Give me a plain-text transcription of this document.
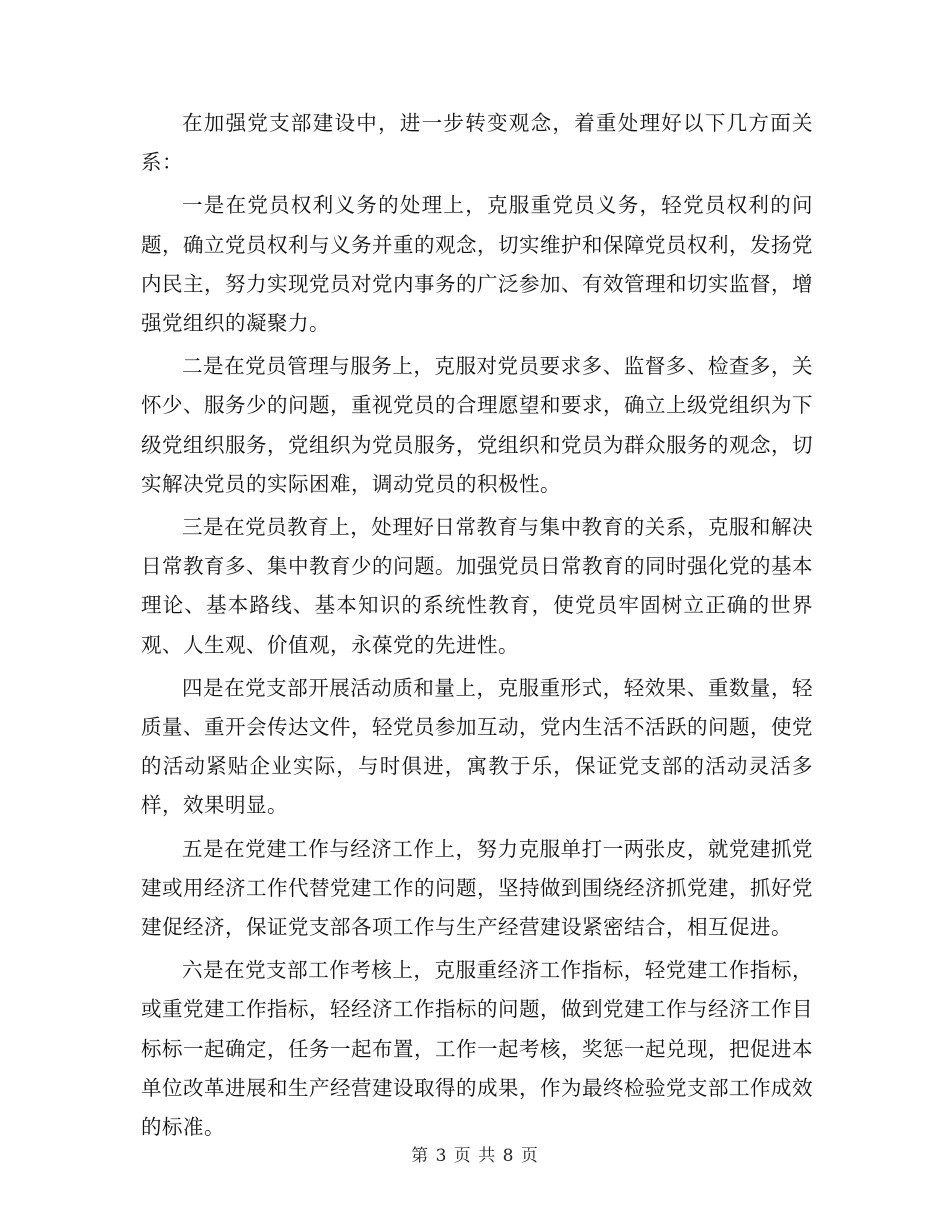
在加强党支部建设中，进一步转变观念，着重处理好以下几方面关系：

一是在党员权利义务的处理上，克服重党员义务，轻党员权利的问题，确立党员权利与义务并重的观念，切实维护和保障党员权利，发扬党内民主，努力实现党员对党内事务的广泛参加、有效管理和切实监督，增强党组织的凝聚力。

二是在党员管理与服务上，克服对党员要求多、监督多、检查多，关怀少、服务少的问题，重视党员的合理愿望和要求，确立上级党组织为下级党组织服务，党组织为党员服务，党组织和党员为群众服务的观念，切实解决党员的实际困难，调动党员的积极性。

三是在党员教育上，处理好日常教育与集中教育的关系，克服和解决日常教育多、集中教育少的问题。加强党员日常教育的同时强化党的基本理论、基本路线、基本知识的系统性教育，使党员牢固树立正确的世界观、人生观、价值观，永葆党的先进性。

四是在党支部开展活动质和量上，克服重形式，轻效果、重数量，轻质量、重开会传达文件，轻党员参加互动，党内生活不活跃的问题，使党的活动紧贴企业实际，与时俱进，寓教于乐，保证党支部的活动灵活多样，效果明显。

五是在党建工作与经济工作上，努力克服单打一两张皮，就党建抓党建或用经济工作代替党建工作的问题，坚持做到围绕经济抓党建，抓好党建促经济，保证党支部各项工作与生产经营建设紧密结合，相互促进。

六是在党支部工作考核上，克服重经济工作指标，轻党建工作指标，或重党建工作指标，轻经济工作指标的问题，做到党建工作与经济工作目标标一起确定，任务一起布置，工作一起考核，奖惩一起兑现，把促进本单位改革进展和生产经营建设取得的成果，作为最终检验党支部工作成效的标准。

第 3 页 共 8 页
